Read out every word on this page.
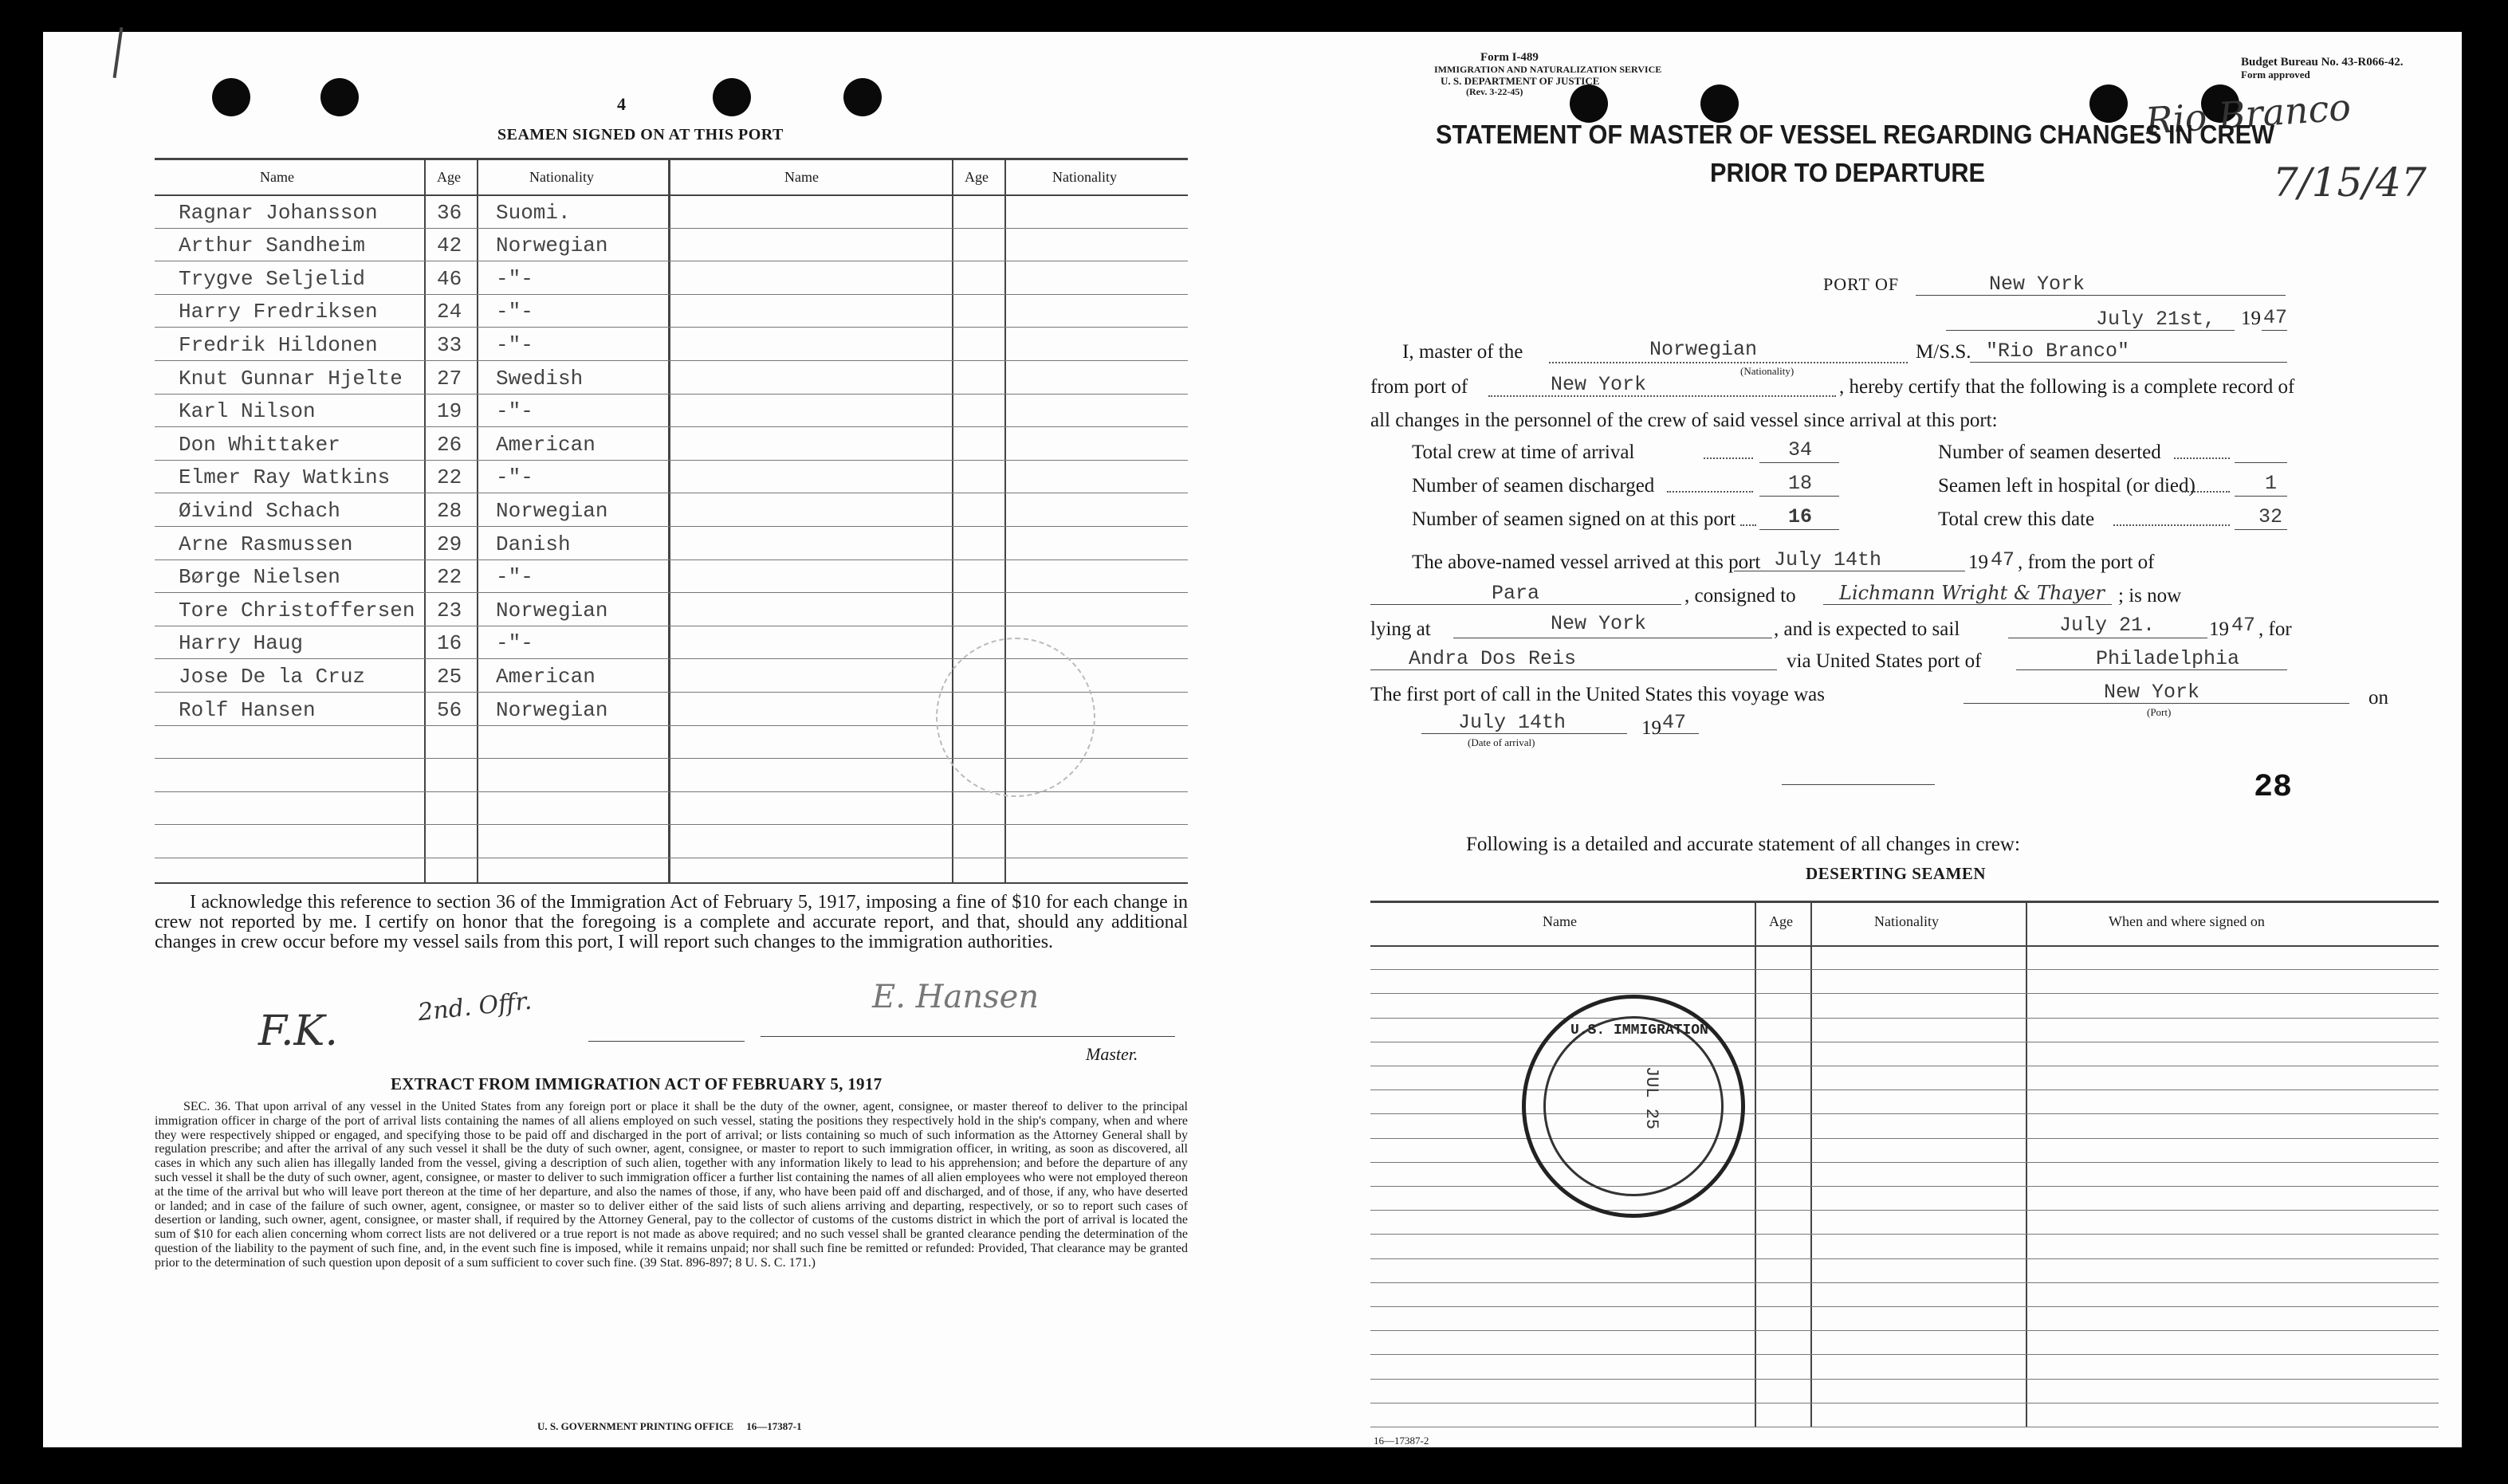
4
SEAMEN SIGNED ON AT THIS PORT
Name	Age	Nationality	Name	Age	Nationality
Ragnar Johansson	36 Suomi.
Arthur Sandheim	42 Norwegian
Trygve Seljelid	46 -"-
Harry Fredriksen	24 -"-
Fredrik Hildonen	33 -"-
Knut Gunnar Hjelte 27 Swedish
Karl Nilson	19 -"-
Don Whittaker	26 American
Elmer Ray Watkins 22 -"-
Øivind Schach	28 Norwegian
Arne Rasmussen	29 Danish
Børge Nielsen	22 -"-
Tore Christoffersen 23 Norwegian
Harry Haug	16 -"-
Jose De la Cruz	25 American
Rolf Hansen	56 Norwegian
I acknowledge this reference to section 36 of the Immigration Act of February 5, 1917, imposing a fine of $10 for each change in crew not reported by me. I certify on honor that the foregoing is a complete and accurate report, and that, should any additional changes in crew occur before my vessel sails from this port, I will report such changes to the immigration authorities.
F.K.
2nd. Offr.	E. Hansen
Master.
EXTRACT FROM IMMIGRATION ACT OF FEBRUARY 5, 1917
SEC. 36. That upon arrival of any vessel in the United States from any foreign port or place it shall be the duty of the owner, agent, consignee, or master thereof to deliver to the principal immigration officer in charge of the port of arrival lists containing the names of all aliens employed on such vessel, stating the positions they respectively hold in the ship's company, when and where they were respectively shipped or engaged, and specifying those to be paid off and discharged in the port of arrival; or lists containing so much of such information as the Attorney General shall by regulation prescribe; and after the arrival of any such vessel it shall be the duty of such owner, agent, consignee, or master to report to such immigration officer, in writing, as soon as discovered, all cases in which any such alien has illegally landed from the vessel, giving a description of such alien, together with any information likely to lead to his apprehension; and before the departure of any such vessel it shall be the duty of such owner, agent, consignee, or master to deliver to such immigration officer a further list containing the names of all alien employees who were not employed thereon at the time of the arrival but who will leave port thereon at the time of her departure, and also the names of those, if any, who have been paid off and discharged, and of those, if any, who have deserted or landed; and in case of the failure of such owner, agent, consignee, or master so to deliver either of the said lists of such aliens arriving and departing, respectively, or so to report such cases of desertion or landing, such owner, agent, consignee, or master shall, if required by the Attorney General, pay to the collector of customs of the customs district in which the port of arrival is located the sum of $10 for each alien concerning whom correct lists are not delivered or a true report is not made as above required; and no such vessel shall be granted clearance pending the determination of the question of the liability to the payment of such fine, and, in the event such fine is imposed, while it remains unpaid; nor shall such fine be remitted or refunded: Provided, That clearance may be granted prior to the determination of such question upon deposit of a sum sufficient to cover such fine. (39 Stat. 896-897; 8 U. S. C. 171.)
U. S. GOVERNMENT PRINTING OFFICE     16—17387-1
Form I-489
IMMIGRATION AND NATURALIZATION SERVICE
U. S. DEPARTMENT OF JUSTICE
(Rev. 3-22-45)
Budget Bureau No. 43-R066-42.
Form approved
Rio Branco
7/15/47
STATEMENT OF MASTER OF VESSEL REGARDING CHANGES IN CREW
PRIOR TO DEPARTURE
PORT OF	New York
July 21st, 19 47
I, master of the	Norwegian
(Nationality)
M/S.S. "Rio Branco"
from port of	New York	, hereby certify that the following is a complete record of
all changes in the personnel of the crew of said vessel since arrival at this port:
Total crew at time of arrival	34	Number of seamen deserted
Number of seamen discharged	18	Seamen left in hospital (or died)	1
Number of seamen signed on at this port	16	Total crew this date	32
The above-named vessel arrived at this port July 14th	19 47 , from the port of
Para	, consigned to Lichmann Wright & Thayer ; is now
lying at	New York	, and is expected to sail	July 21.	19 47 , for
Andra Dos Reis	via United States port of	Philadelphia
The first port of call in the United States this voyage was	New York
(Port)
on
July 14th	19 47
(Date of arrival)
28
Following is a detailed and accurate statement of all changes in crew:
DESERTING SEAMEN
Name	Age	Nationality	When and where signed on
U.S. IMMIGRATION
JUL 25
16—17387-2
